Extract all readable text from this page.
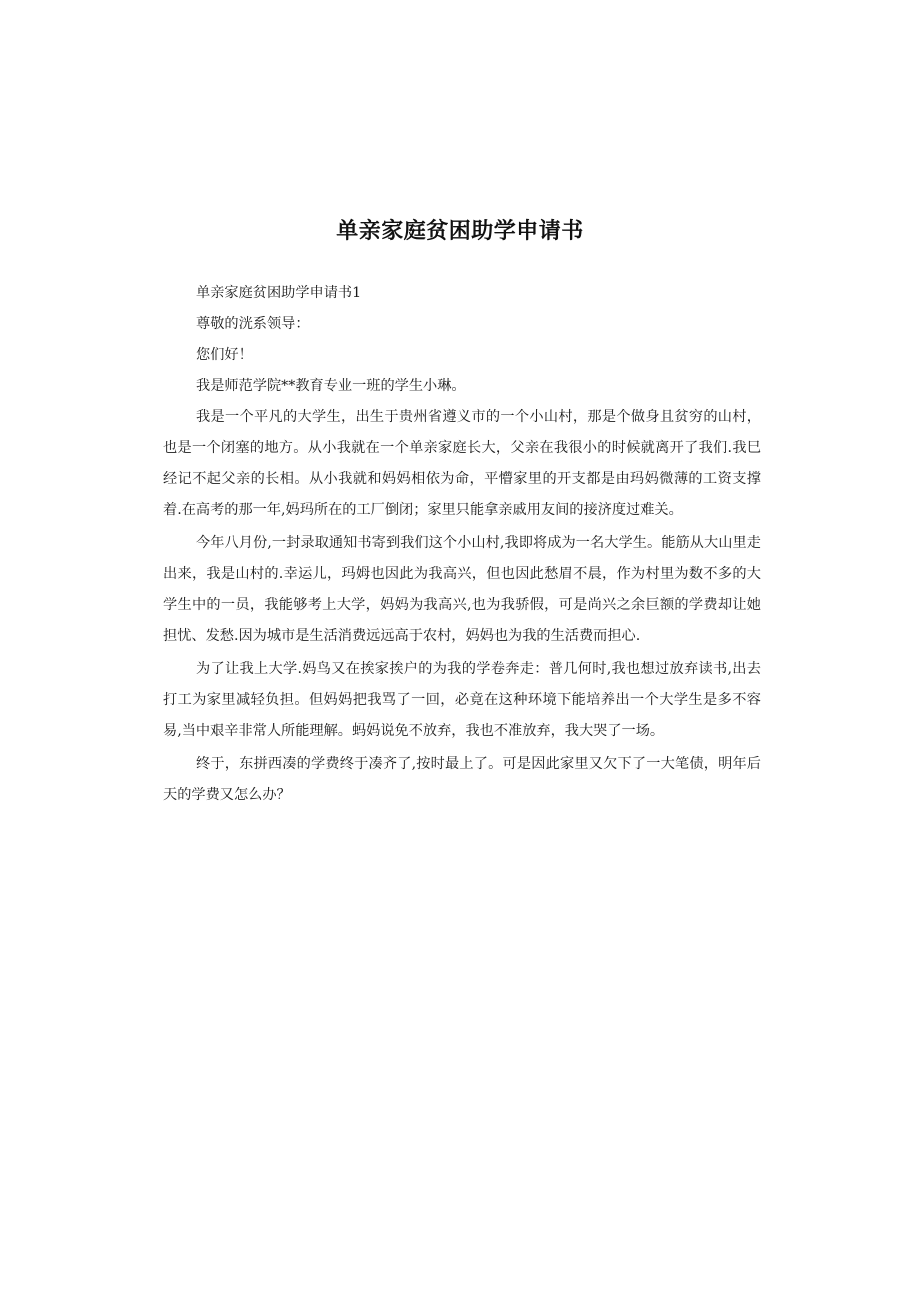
单亲家庭贫困助学申请书

单亲家庭贫困助学申请书1

尊敬的洸系领导：

您们好！

我是师范学院**教育专业一班的学生小琳。

我是一个平凡的大学生，出生于贵州省遵义市的一个小山村，那是个做身且贫穷的山村，也是一个闭塞的地方。从小我就在一个单亲家庭长大，父亲在我很小的时候就离开了我们.我巳经记不起父亲的长相。从小我就和妈妈相依为命，平懵家里的开支都是由玛妈微薄的工资支撑着.在高考的那一年,妈玛所在的工厂倒闭；家里只能拿亲戚用友间的接济度过难关。

今年八月份,一封录取通知书寄到我们这个小山村,我即将成为一名大学生。能筋从大山里走出来，我是山村的.幸运儿，玛姆也因此为我高兴，但也因此愁眉不晨，作为村里为数不多的大学生中的一员，我能够考上大学，妈妈为我高兴,也为我骄假，可是尚兴之余巨额的学费却让她担忧、发愁.因为城市是生活消费远远高于农村，妈妈也为我的生活费而担心.

为了让我上大学.妈鸟又在挨家挨户的为我的学卷奔走：普几何时,我也想过放弃读书,出去打工为家里减轻负担。但妈妈把我骂了一回，必竟在这种环境下能培养出一个大学生是多不容易,当中艰辛非常人所能理解。蚂妈说免不放弃，我也不准放弃，我大哭了一场。

终于，东拼西凑的学费终于凑齐了,按时最上了。可是因此家里又欠下了一大笔债，明年后天的学费又怎么办？
